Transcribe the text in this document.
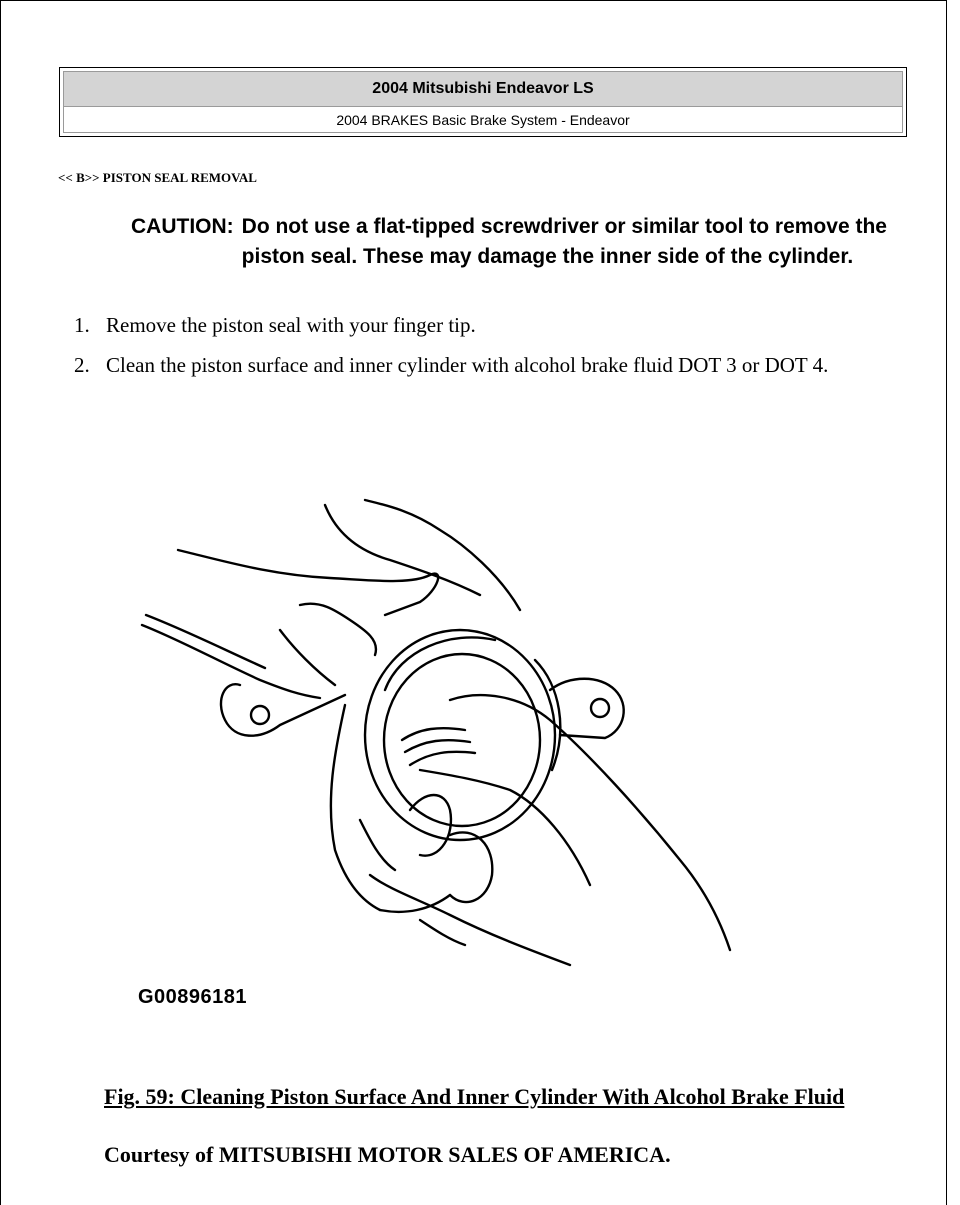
2004 Mitsubishi Endeavor LS
2004 BRAKES Basic Brake System - Endeavor
<< B>> PISTON SEAL REMOVAL
CAUTION: Do not use a flat-tipped screwdriver or similar tool to remove the piston seal. These may damage the inner side of the cylinder.
1. Remove the piston seal with your finger tip.
2. Clean the piston surface and inner cylinder with alcohol brake fluid DOT 3 or DOT 4.
G00896181
Fig. 59: Cleaning Piston Surface And Inner Cylinder With Alcohol Brake Fluid
Courtesy of MITSUBISHI MOTOR SALES OF AMERICA.
